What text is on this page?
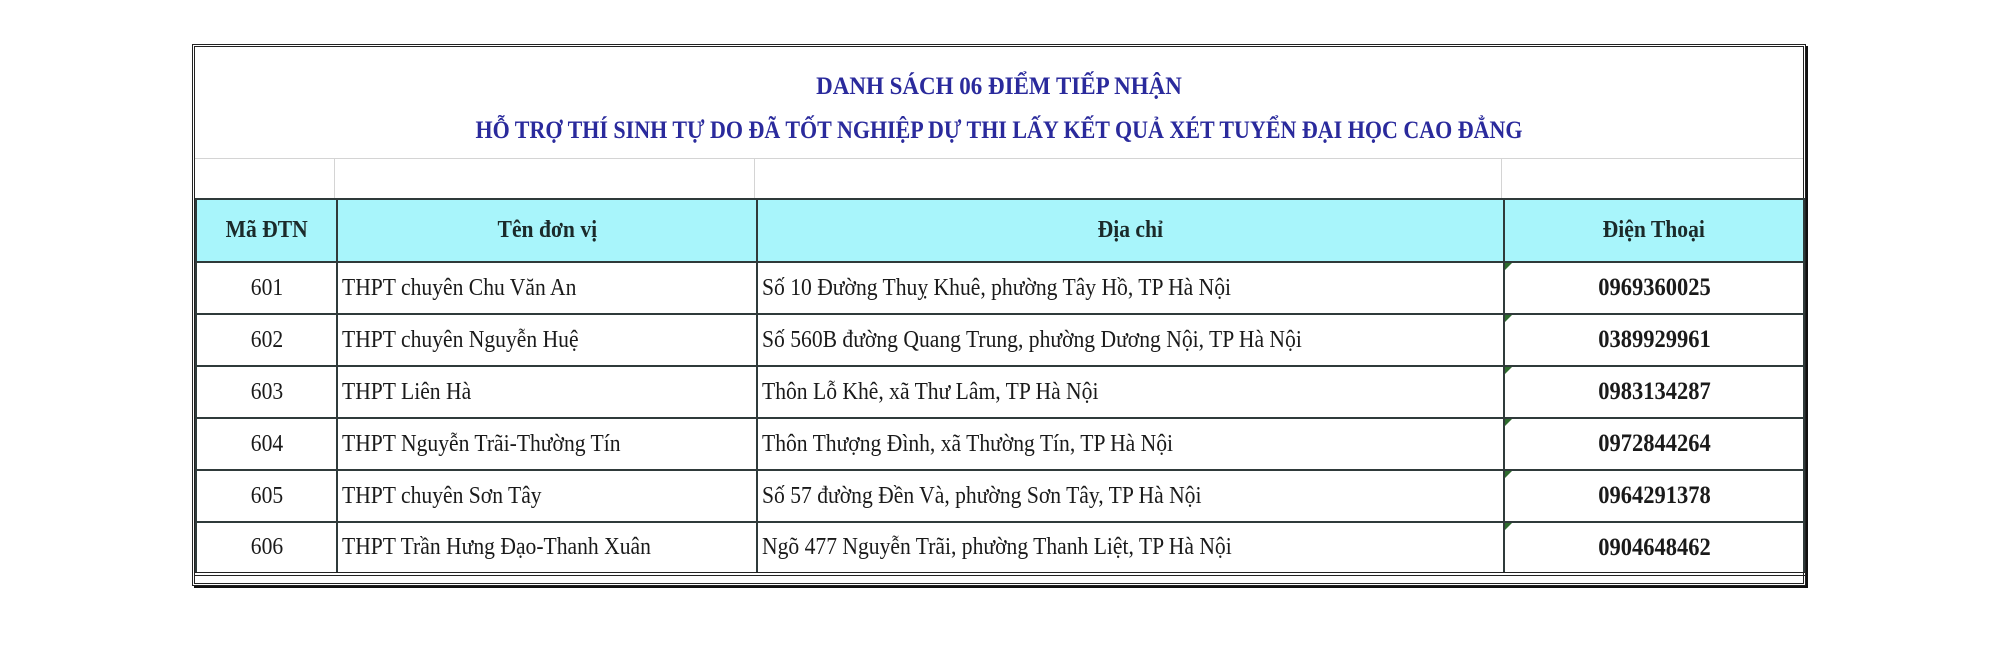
DANH SÁCH 06 ĐIỂM TIẾP NHẬN
HỖ TRỢ THÍ SINH TỰ DO ĐÃ TỐT NGHIỆP DỰ THI LẤY KẾT QUẢ XÉT TUYỂN ĐẠI HỌC CAO ĐẲNG
Mã ĐTN	Tên đơn vị	Địa chỉ	Điện Thoại
601	THPT chuyên Chu Văn An	Số 10 Đường Thuỵ Khuê, phường Tây Hồ, TP Hà Nội	0969360025
602	THPT chuyên Nguyễn Huệ	Số 560B đường Quang Trung, phường Dương Nội, TP Hà Nội	0389929961
603	THPT Liên Hà	Thôn Lỗ Khê, xã Thư Lâm, TP Hà Nội	0983134287
604	THPT Nguyễn Trãi-Thường Tín	Thôn Thượng Đình, xã Thường Tín, TP Hà Nội	0972844264
605	THPT chuyên Sơn Tây	Số 57 đường Đền Và, phường Sơn Tây, TP Hà Nội	0964291378
606	THPT Trần Hưng Đạo-Thanh Xuân	Ngõ 477 Nguyễn Trãi, phường Thanh Liệt, TP Hà Nội	0904648462
